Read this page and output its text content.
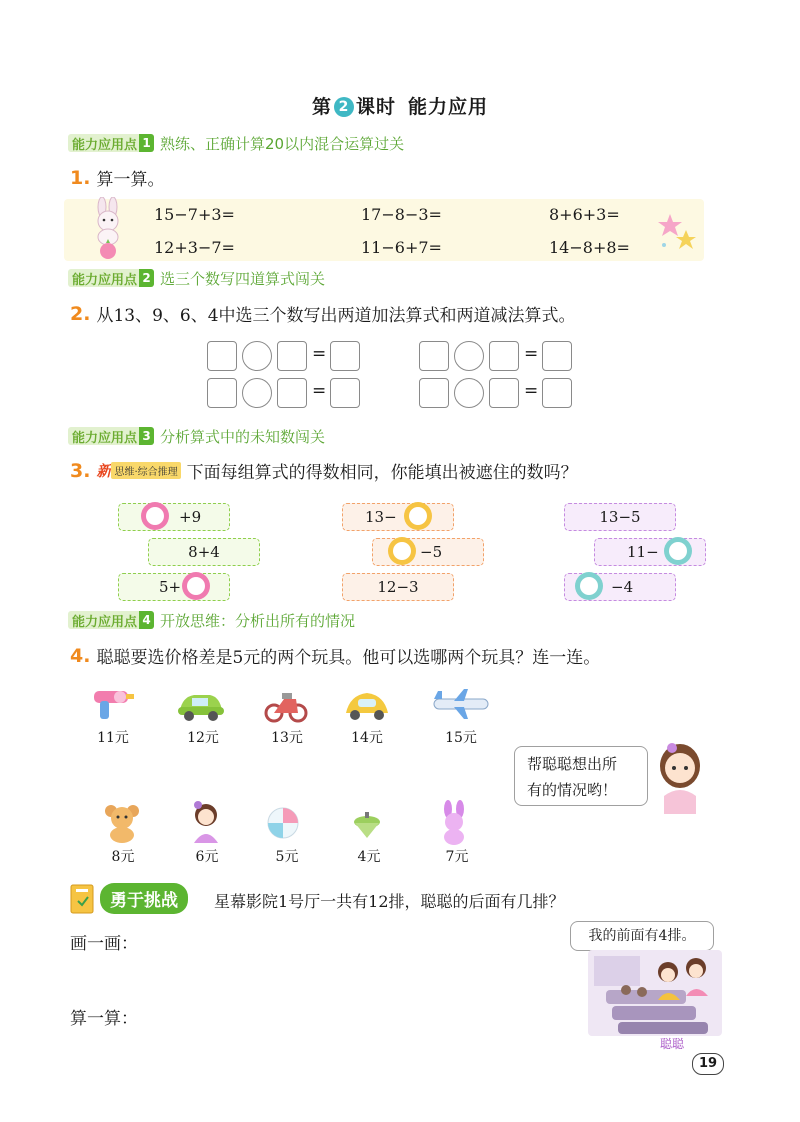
第 2 课时 能力应用
能力应用点 1 熟练、正确计算20以内混合运算过关
1. 算一算。
15−7+3=	17−8−3=	8+6+3=
12+3−7=	11−6+7=	14−8+8=
能力应用点 2 选三个数写四道算式闯关
2. 从13、9、6、4中选三个数写出两道加法算式和两道减法算式。
=	=
=	=
能力应用点 3 分析算式中的未知数闯关
3. 新 思维·综合推理 下面每组算式的得数相同，你能填出被遮住的数吗？
+9
8+4
5+
13−
−5
12−3
13−5
11−
−4
能力应用点 4 开放思维：分析出所有的情况
4. 聪聪要选价格差是5元的两个玩具。他可以选哪两个玩具？连一连。
11元	12元	13元	14元	15元
帮聪聪想出所
有的情况哟！
8元	6元	5元	4元	7元
勇于挑战	星幕影院1号厅一共有12排，聪聪的后面有几排？
画一画：
算一算：
我的前面有4排。
聪聪
19
